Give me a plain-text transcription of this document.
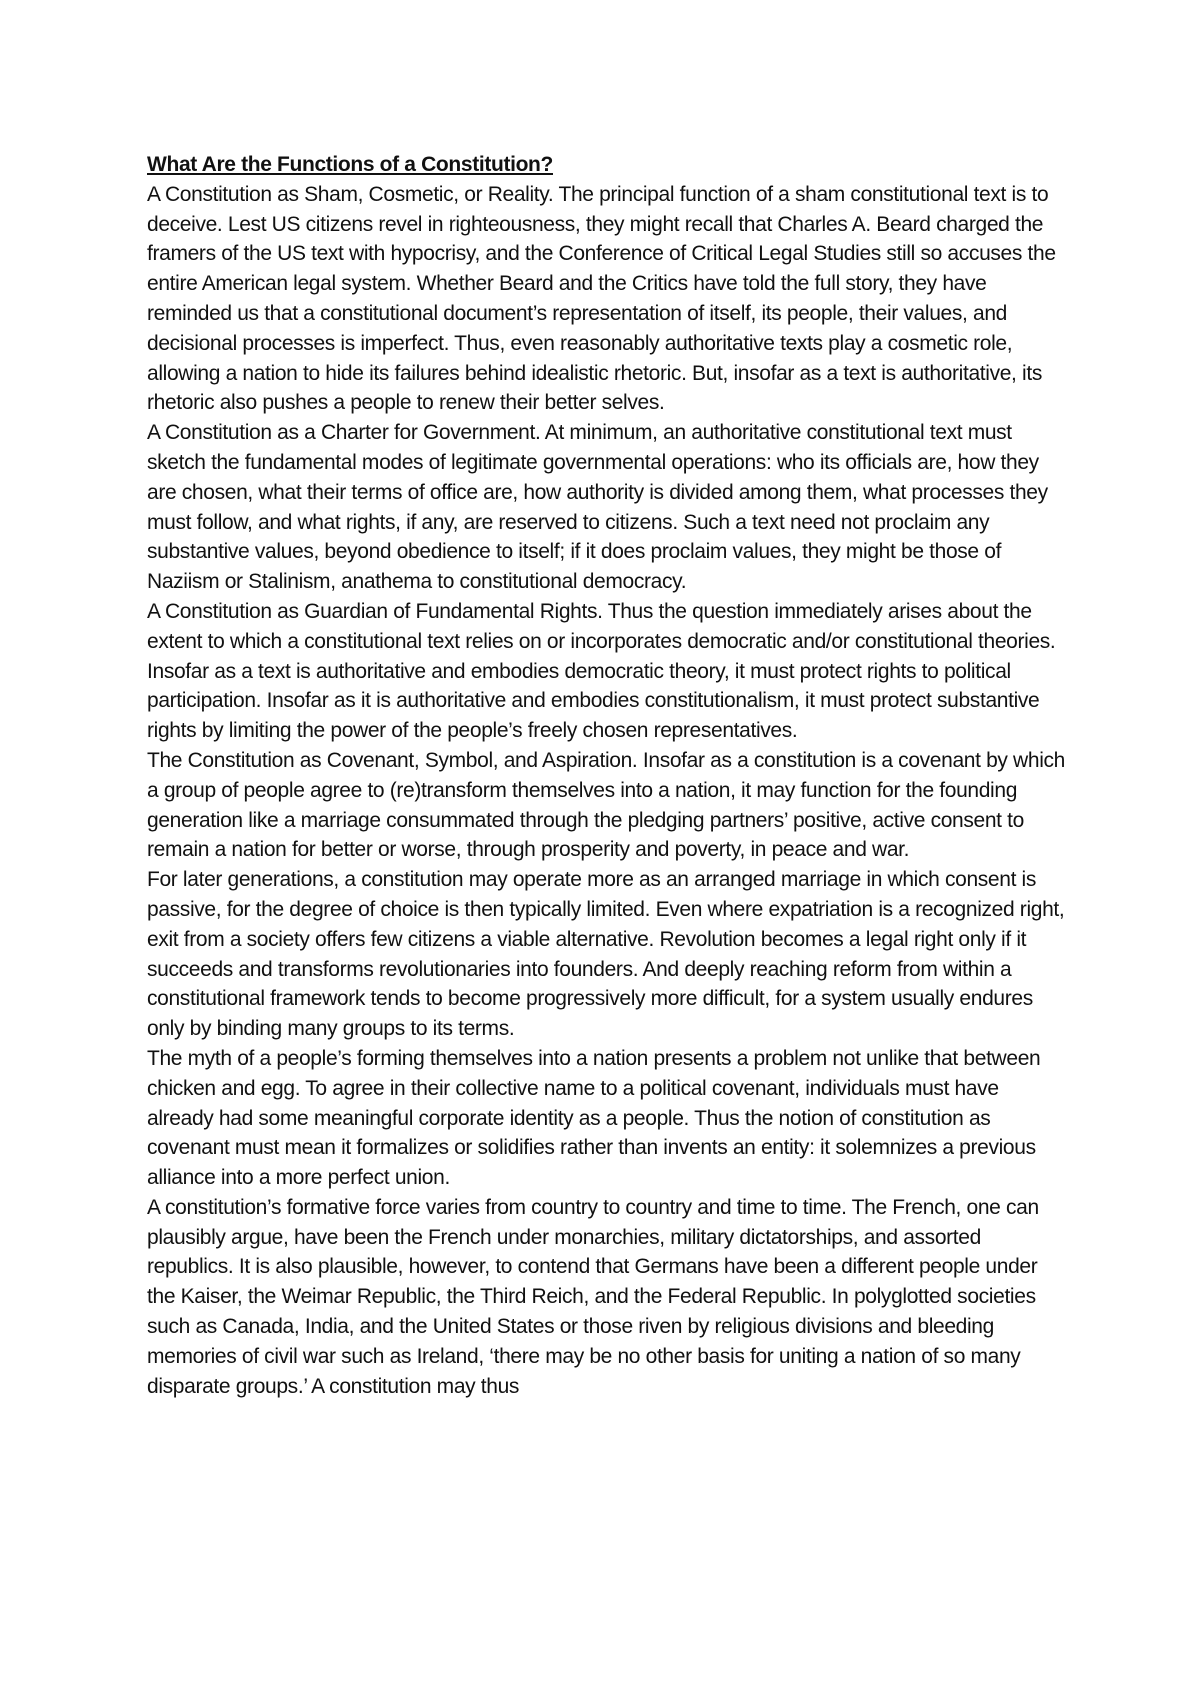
What Are the Functions of a Constitution?

A Constitution as Sham, Cosmetic, or Reality. The principal function of a sham constitutional text is to deceive. Lest US citizens revel in righteousness, they might recall that Charles A. Beard charged the framers of the US text with hypocrisy, and the Conference of Critical Legal Studies still so accuses the entire American legal system. Whether Beard and the Critics have told the full story, they have reminded us that a constitutional document’s representation of itself, its people, their values, and decisional processes is imperfect. Thus, even reasonably authoritative texts play a cosmetic role, allowing a nation to hide its failures behind idealistic rhetoric. But, insofar as a text is authoritative, its rhetoric also pushes a people to renew their better selves.

A Constitution as a Charter for Government. At minimum, an authoritative constitutional text must sketch the fundamental modes of legitimate governmental operations: who its officials are, how they are chosen, what their terms of office are, how authority is divided among them, what processes they must follow, and what rights, if any, are reserved to citizens. Such a text need not proclaim any substantive values, beyond obedience to itself; if it does proclaim values, they might be those of Naziism or Stalinism, anathema to constitutional democracy.

A Constitution as Guardian of Fundamental Rights. Thus the question immediately arises about the extent to which a constitutional text relies on or incorporates democratic and/or constitutional theories. Insofar as a text is authoritative and embodies democratic theory, it must protect rights to political participation. Insofar as it is authoritative and embodies constitutionalism, it must protect substantive rights by limiting the power of the people’s freely chosen representatives.

The Constitution as Covenant, Symbol, and Aspiration. Insofar as a constitution is a covenant by which a group of people agree to (re)transform themselves into a nation, it may function for the founding generation like a marriage consummated through the pledging partners’ positive, active consent to remain a nation for better or worse, through prosperity and poverty, in peace and war.

For later generations, a constitution may operate more as an arranged marriage in which consent is passive, for the degree of choice is then typically limited. Even where expatriation is a recognized right, exit from a society offers few citizens a viable alternative. Revolution becomes a legal right only if it succeeds and transforms revolutionaries into founders. And deeply reaching reform from within a constitutional framework tends to become progressively more difficult, for a system usually endures only by binding many groups to its terms.

The myth of a people’s forming themselves into a nation presents a problem not unlike that between chicken and egg. To agree in their collective name to a political covenant, individuals must have already had some meaningful corporate identity as a people. Thus the notion of constitution as covenant must mean it formalizes or solidifies rather than invents an entity: it solemnizes a previous alliance into a more perfect union.

A constitution’s formative force varies from country to country and time to time. The French, one can plausibly argue, have been the French under monarchies, military dictatorships, and assorted republics. It is also plausible, however, to contend that Germans have been a different people under the Kaiser, the Weimar Republic, the Third Reich, and the Federal Republic. In polyglotted societies such as Canada, India, and the United States or those riven by religious divisions and bleeding memories of civil war such as Ireland, ‘there may be no other basis for uniting a nation of so many disparate groups.’ A constitution may thus
